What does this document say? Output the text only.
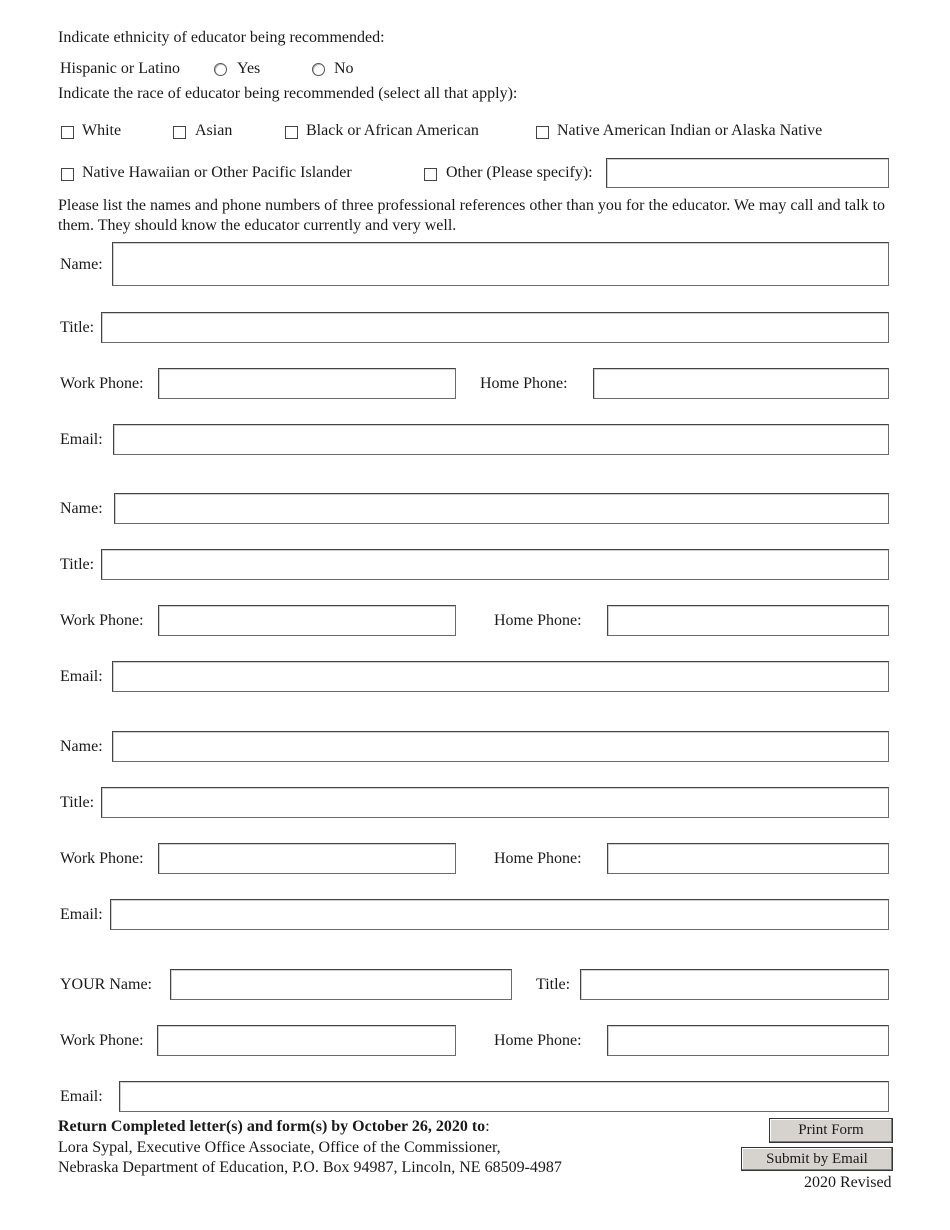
Indicate ethnicity of educator being recommended:
Hispanic or Latino	Yes	No
Indicate the race of educator being recommended (select all that apply):
White	Asian	Black or African American	Native American Indian or Alaska Native
Native Hawaiian or Other Pacific Islander	Other (Please specify):
Please list the names and phone numbers of three professional references other than you for the educator. We may call and talk to them. They should know the educator currently and very well.
Name:
Title:
Work Phone:	Home Phone:
Email:
Name:
Title:
Work Phone:	Home Phone:
Email:
Name:
Title:
Work Phone:	Home Phone:
Email:
YOUR Name:	Title:
Work Phone:	Home Phone:
Email:
Return Completed letter(s) and form(s) by October 26, 2020 to:
Lora Sypal, Executive Office Associate, Office of the Commissioner,
Nebraska Department of Education, P.O. Box 94987, Lincoln, NE 68509-4987
Print Form
Submit by Email
2020 Revised
